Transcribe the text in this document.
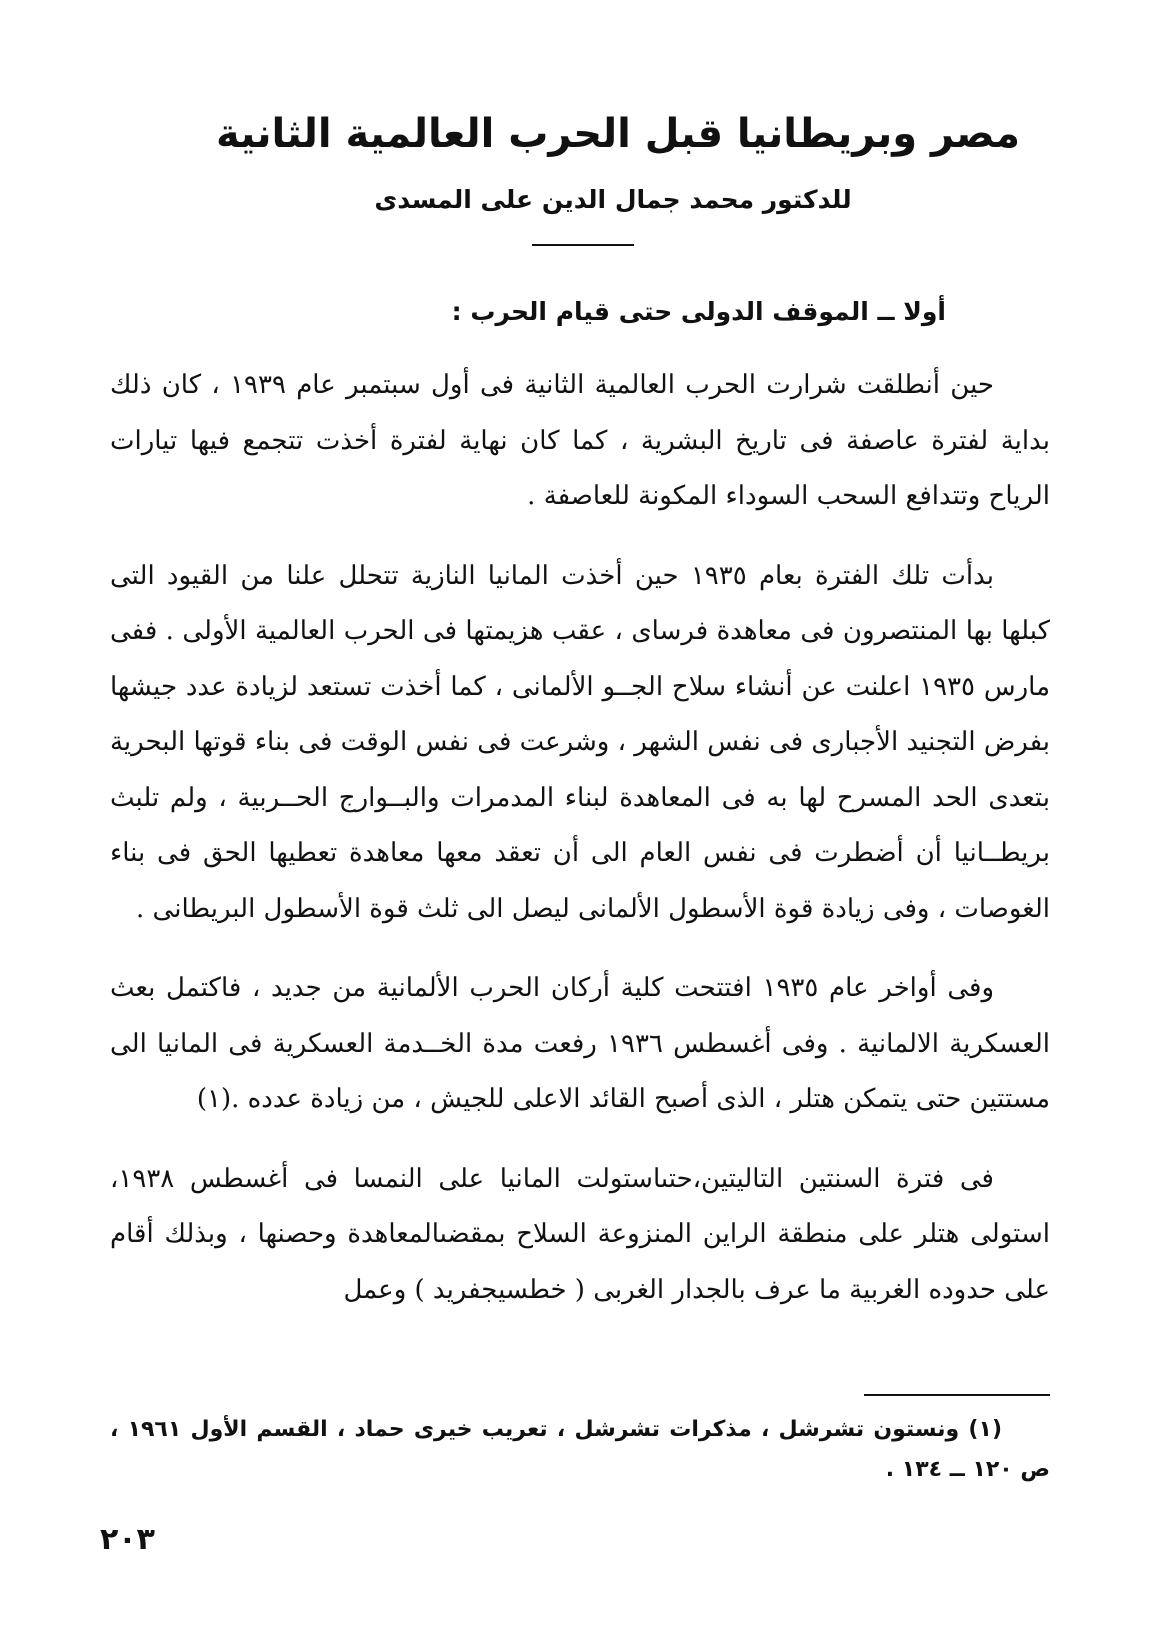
مصر وبريطانيا قبل الحرب العالمية الثانية
للدكتور محمد جمال الدين على المسدى
أولا ــ الموقف الدولى حتى قيام الحرب :

حين أنطلقت شرارت الحرب العالمية الثانية فى أول سبتمبر عام ١٩٣٩ ، كان ذلك بداية لفترة عاصفة فى تاريخ البشرية ، كما كان نهاية لفترة أخذت تتجمع فيها تيارات الرياح وتتدافع السحب السوداء المكونة للعاصفة .

بدأت تلك الفترة بعام ١٩٣٥ حين أخذت المانيا النازية تتحلل علنا من القيود التى كبلها بها المنتصرون فى معاهدة فرساى ، عقب هزيمتها فى الحرب العالمية الأولى . ففى مارس ١٩٣٥ اعلنت عن أنشاء سلاح الجــو الألمانى ، كما أخذت تستعد لزيادة عدد جيشها بفرض التجنيد الأجبارى فى نفس الشهر ، وشرعت فى نفس الوقت فى بناء قوتها البحرية بتعدى الحد المسرح لها به فى المعاهدة لبناء المدمرات والبــوارج الحــربية ، ولم تلبث بريطــانيا أن أضطرت فى نفس العام الى أن تعقد معها معاهدة تعطيها الحق فى بناء الغوصات ، وفى زيادة قوة الأسطول الألمانى ليصل الى ثلث قوة الأسطول البريطانى .

وفى أواخر عام ١٩٣٥ افتتحت كلية أركان الحرب الألمانية من جديد ، فاكتمل بعث العسكرية الالمانية . وفى أغسطس ١٩٣٦ رفعت مدة الخــدمة العسكرية فى المانيا الى مستتين حتى يتمكن هتلر ، الذى أصبح القائد الاعلى للجيش ، من زيادة عدده .(١)

فى فترة السنتين التاليتين،حتىاستولت المانيا على النمسا فى أغسطس ١٩٣٨، استولى هتلر على منطقة الراين المنزوعة السلاح بمقضىالمعاهدة وحصنها ، وبذلك أقام على حدوده الغربية ما عرف بالجدار الغربى ( خطسيجفريد ) وعمل

(١) ونستون تشرشل ، مذكرات تشرشل ، تعريب خيرى حماد ، القسم الأول ١٩٦١ ، ص ١٢٠ ــ ١٣٤ .

٢٠٣
